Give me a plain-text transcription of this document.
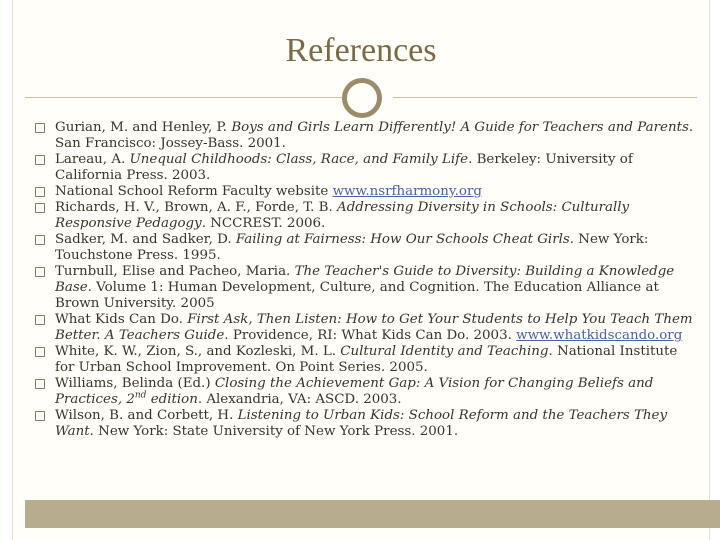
References
Gurian, M. and Henley, P. Boys and Girls Learn Differently! A Guide for Teachers and Parents. San Francisco: Jossey-Bass. 2001.
Lareau, A. Unequal Childhoods: Class, Race, and Family Life. Berkeley: University of California Press. 2003.
National School Reform Faculty website www.nsrfharmony.org
Richards, H. V., Brown, A. F., Forde, T. B. Addressing Diversity in Schools: Culturally Responsive Pedagogy. NCCREST. 2006.
Sadker, M. and Sadker, D. Failing at Fairness: How Our Schools Cheat Girls. New York: Touchstone Press. 1995.
Turnbull, Elise and Pacheo, Maria. The Teacher's Guide to Diversity: Building a Knowledge Base. Volume 1: Human Development, Culture, and Cognition. The Education Alliance at Brown University. 2005
What Kids Can Do. First Ask, Then Listen: How to Get Your Students to Help You Teach Them Better. A Teachers Guide. Providence, RI: What Kids Can Do. 2003. www.whatkidscando.org
White, K. W., Zion, S., and Kozleski, M. L. Cultural Identity and Teaching. National Institute for Urban School Improvement. On Point Series. 2005.
Williams, Belinda (Ed.) Closing the Achievement Gap: A Vision for Changing Beliefs and Practices, 2nd edition. Alexandria, VA: ASCD. 2003.
Wilson, B. and Corbett, H. Listening to Urban Kids: School Reform and the Teachers They Want. New York: State University of New York Press. 2001.
